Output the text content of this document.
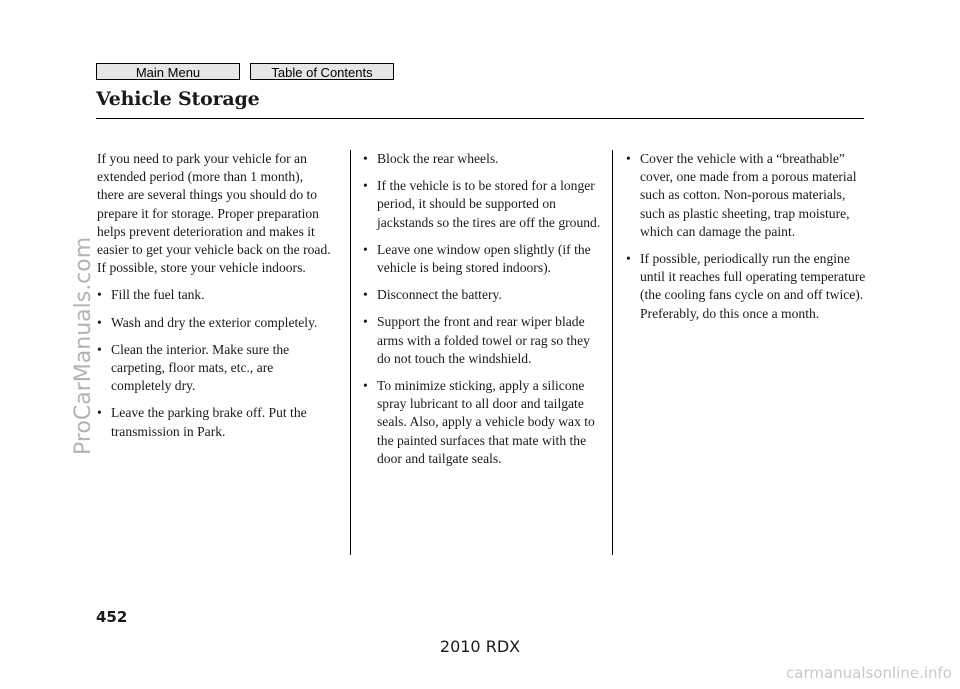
Main Menu	Table of Contents
Vehicle Storage

If you need to park your vehicle for an extended period (more than 1 month), there are several things you should do to prepare it for storage. Proper preparation helps prevent deterioration and makes it easier to get your vehicle back on the road. If possible, store your vehicle indoors.

• Fill the fuel tank.
• Wash and dry the exterior completely.
• Clean the interior. Make sure the carpeting, floor mats, etc., are completely dry.
• Leave the parking brake off. Put the transmission in Park.
• Block the rear wheels.
• If the vehicle is to be stored for a longer period, it should be supported on jackstands so the tires are off the ground.
• Leave one window open slightly (if the vehicle is being stored indoors).
• Disconnect the battery.
• Support the front and rear wiper blade arms with a folded towel or rag so they do not touch the windshield.
• To minimize sticking, apply a silicone spray lubricant to all door and tailgate seals. Also, apply a vehicle body wax to the painted surfaces that mate with the door and tailgate seals.
• Cover the vehicle with a “breathable” cover, one made from a porous material such as cotton. Non-porous materials, such as plastic sheeting, trap moisture, which can damage the paint.
• If possible, periodically run the engine until it reaches full operating temperature (the cooling fans cycle on and off twice). Preferably, do this once a month.
452
ProCarManuals.com
2010 RDX
carmanualsonline.info
